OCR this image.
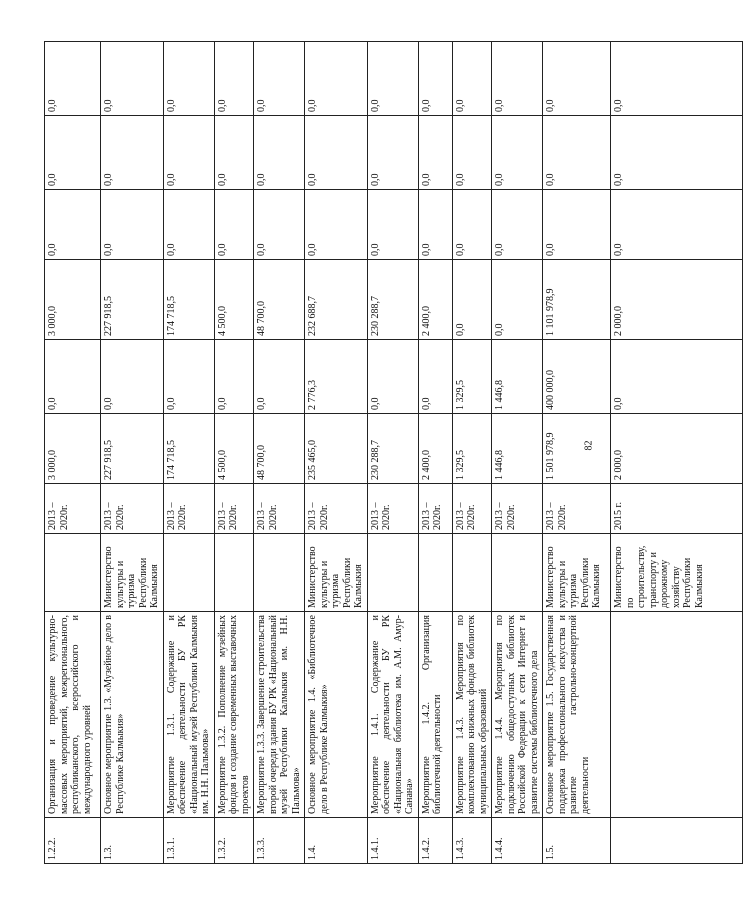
1.2.2.	Организация и проведение культурно-массовых мероприятий, межрегионального, республиканского, всероссийского и международного уровней		2013 – 2020г.	3 000,0	0,0	3 000,0	0,0	0,0	0,0
1.3.	Основное мероприятие 1.3. «Музейное дело в Республике Калмыкия»	Министерство культуры и туризма Республики Калмыкия	2013 – 2020г.	227 918,5	0,0	227 918,5	0,0	0,0	0,0
1.3.1.	Мероприятие 1.3.1. Содержание и обеспечение деятельности БУ РК «Национальный музей Республики Калмыкия им. Н.Н. Пальмова»		2013 – 2020г.	174 718,5	0,0	174 718,5	0,0	0,0	0,0
1.3.2.	Мероприятие 1.3.2. Пополнение музейных фондов и создание современных выставочных проектов		2013 – 2020г.	4 500,0	0,0	4 500,0	0,0	0,0	0,0
1.3.3.	Мероприятие 1.3.3. Завершение строительства второй очереди здания БУ РК «Национальный музей Республики Калмыкия им. Н.Н. Пальмова»		2013 – 2020г.	48 700,0	0,0	48 700,0	0,0	0,0	0,0
1.4.	Основное мероприятие 1.4. «Библиотечное дело в Республике Калмыкия»	Министерство культуры и туризма Республики Калмыкия	2013 – 2020г.	235 465,0	2 776,3	232 688,7	0,0	0,0	0,0
1.4.1.	Мероприятие 1.4.1. Содержание и обеспечение деятельности БУ РК «Национальная библиотека им. А.М. Амур-Санана»		2013 – 2020г.	230 288,7	0,0	230 288,7	0,0	0,0	0,0
1.4.2.	Мероприятие 1.4.2. Организация библиотечной деятельности		2013 – 2020г.	2 400,0	0,0	2 400,0	0,0	0,0	0,0
1.4.3.	Мероприятие 1.4.3. Мероприятия по комплектованию книжных фондов библиотек муниципальных образований		2013 – 2020г.	1 329,5	1 329,5	0,0	0,0	0,0	0,0
1.4.4.	Мероприятие 1.4.4. Мероприятия по подключению общедоступных библиотек Российской Федерации к сети Интернет и развитие системы библиотечного дела		2013 – 2020г.	1 446,8	1 446,8	0,0	0,0	0,0	0,0
1.5.	Основное мероприятие 1.5. Государственная поддержка профессионального искусства и развитие гастрольно-концертной деятельности	Министерство культуры и туризма Республики Калмыкия	2013 – 2020г.	1 501 978,9	400 000,0	1 101 978,9	0,0	0,0	0,0
		Министерство по строительству, транспорту и дорожному хозяйству Республики Калмыкия	2015 г.	2 000,0	0,0	2 000,0	0,0	0,0	0,0
82
